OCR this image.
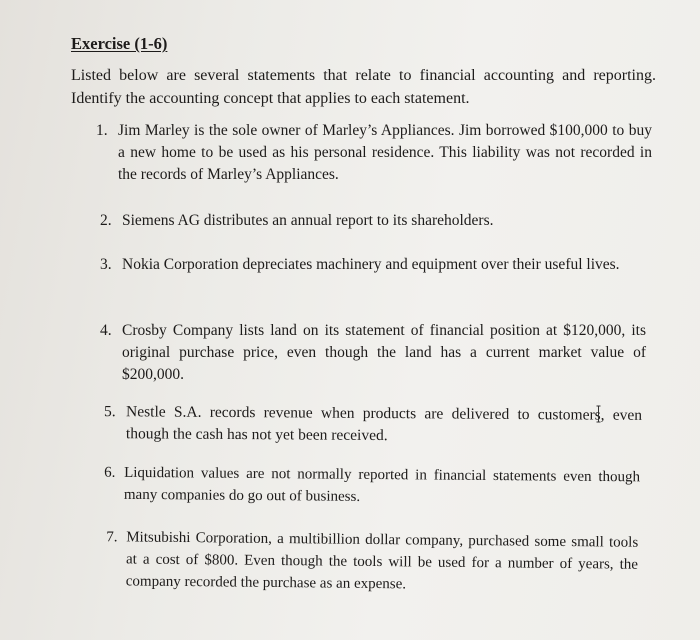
Exercise (1-6)
Listed below are several statements that relate to financial accounting and reporting. Identify the accounting concept that applies to each statement.
1. Jim Marley is the sole owner of Marley’s Appliances. Jim borrowed $100,000 to buy a new home to be used as his personal residence. This liability was not recorded in the records of Marley’s Appliances.
2. Siemens AG distributes an annual report to its shareholders.
3. Nokia Corporation depreciates machinery and equipment over their useful lives.
4. Crosby Company lists land on its statement of financial position at $120,000, its original purchase price, even though the land has a current market value of $200,000.
5. Nestle S.A. records revenue when products are delivered to customers, even though the cash has not yet been received.
6. Liquidation values are not normally reported in financial statements even though many companies do go out of business.
7. Mitsubishi Corporation, a multibillion dollar company, purchased some small tools at a cost of $800. Even though the tools will be used for a number of years, the company recorded the purchase as an expense.
